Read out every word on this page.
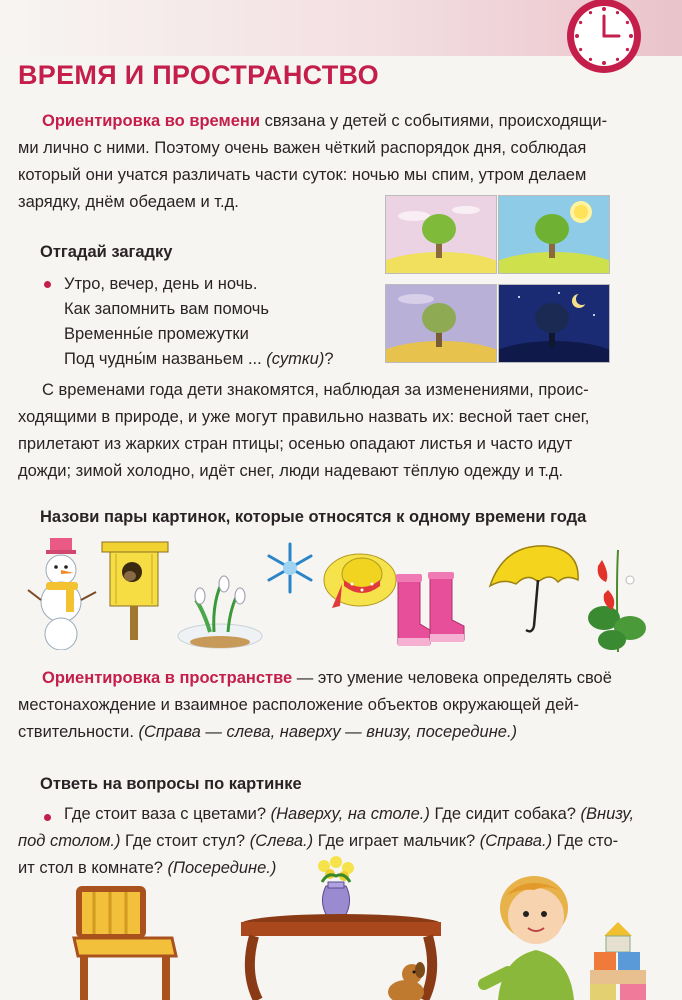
ВРЕМЯ И ПРОСТРАНСТВО
Ориентировка во времени связана у детей с событиями, происходящи-
ми лично с ними. Поэтому очень важен чёткий распорядок дня, соблюдая
который они учатся различать части суток: ночью мы спим, утром делаем
зарядку, днём обедаем и т.д.
Отгадай загадку
Утро, вечер, день и ночь.
Как запомнить вам помочь
Временны́е промежутки
Под чудны́м названьем ... (сутки)?
С временами года дети знакомятся, наблюдая за изменениями, проис-
ходящими в природе, и уже могут правильно назвать их: весной тает снег,
прилетают из жарких стран птицы; осенью опадают листья и часто идут
дожди; зимой холодно, идёт снег, люди надевают тёплую одежду и т.д.
Назови пары картинок, которые относятся к одному времени года
Ориентировка в пространстве — это умение человека определять своё
местонахождение и взаимное расположение объектов окружающей дей-
ствительности. (Справа — слева, наверху — внизу, посередине.)
Ответь на вопросы по картинке
Где стоит ваза с цветами? (Наверху, на столе.) Где сидит собака? (Внизу,
под столом.) Где стоит стул? (Слева.) Где играет мальчик? (Справа.) Где сто-
ит стол в комнате? (Посередине.)
